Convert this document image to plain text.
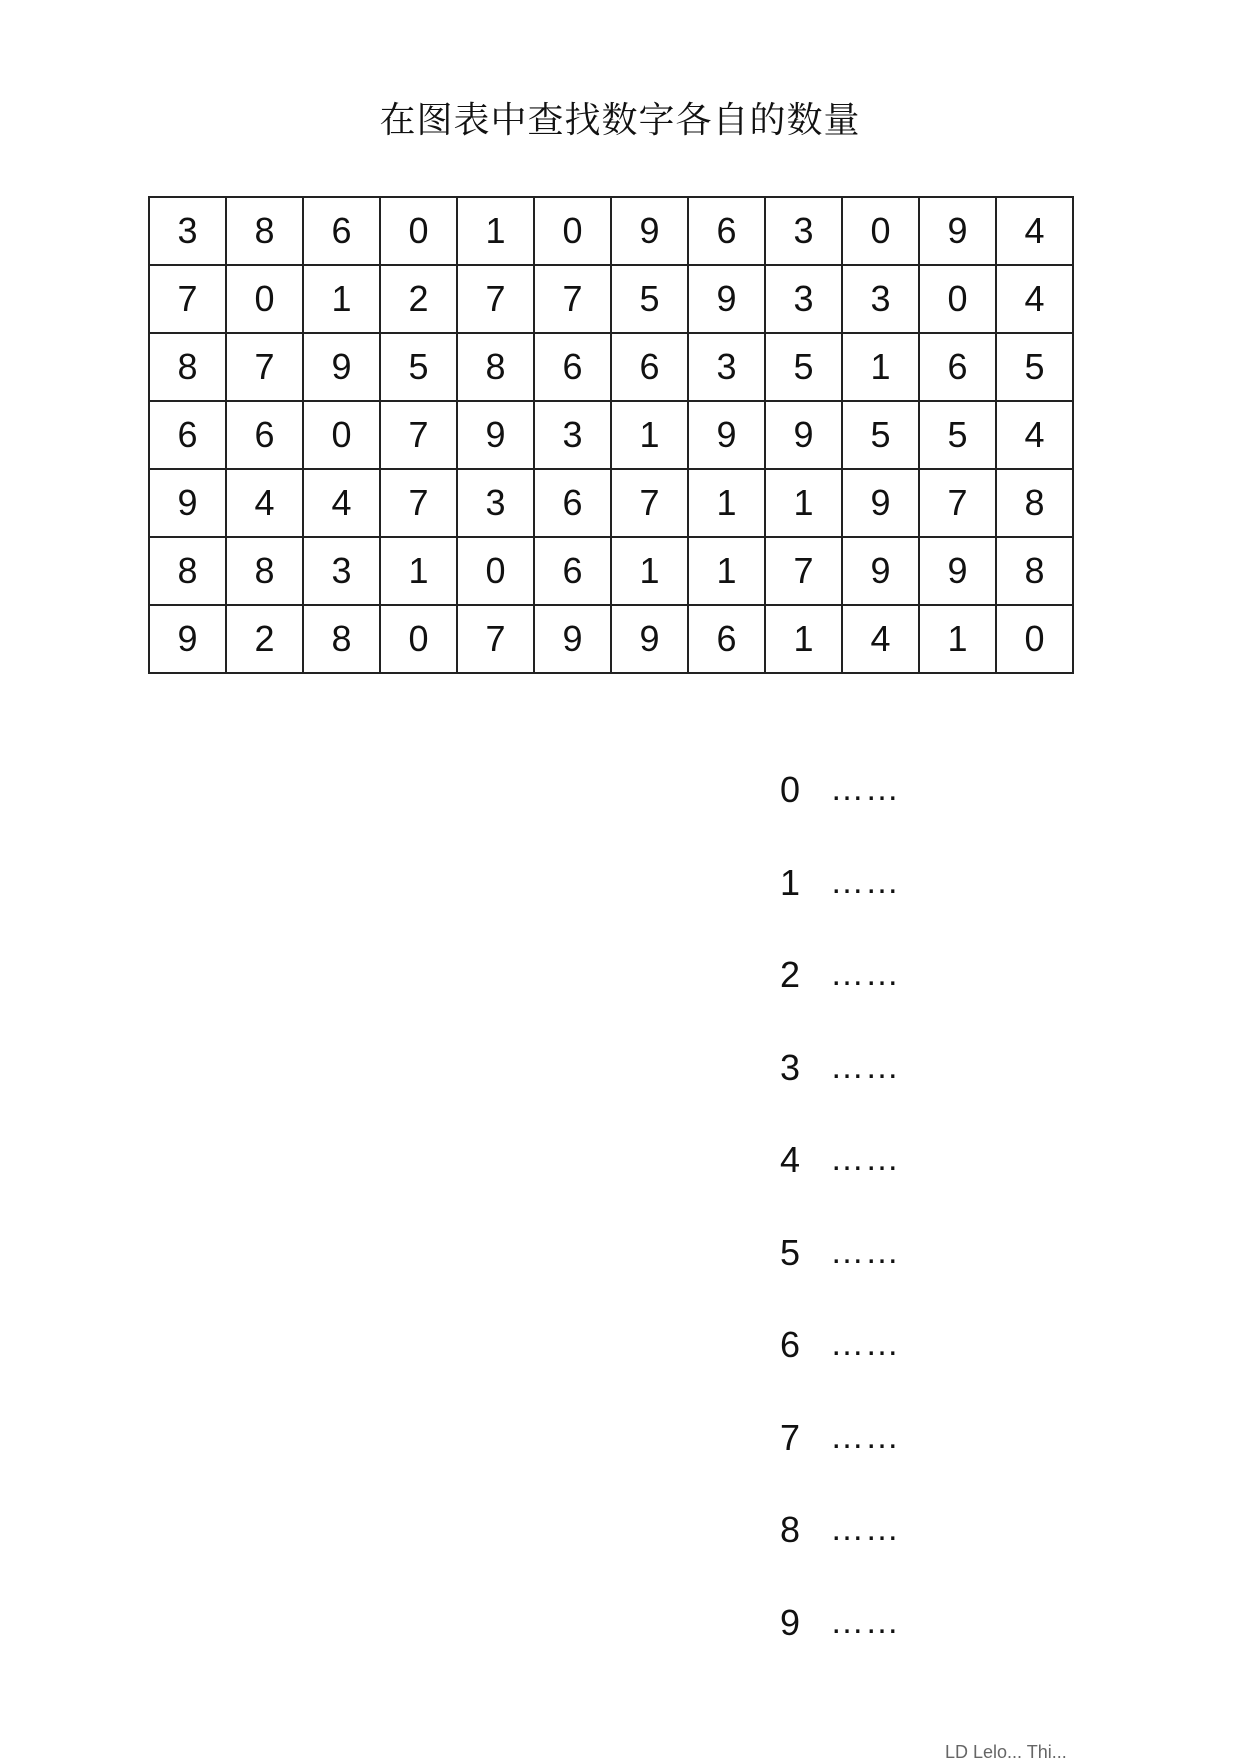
在图表中查找数字各自的数量
3	8	6	0	1	0	9	6	3	0	9	4
7	0	1	2	7	7	5	9	3	3	0	4
8	7	9	5	8	6	6	3	5	1	6	5
6	6	0	7	9	3	1	9	9	5	5	4
9	4	4	7	3	6	7	1	1	9	7	8
8	8	3	1	0	6	1	1	7	9	9	8
9	2	8	0	7	9	9	6	1	4	1	0
0 ……
1 ……
2 ……
3 ……
4 ……
5 ……
6 ……
7 ……
8 ……
9 ……
LD Lelo... Thi...
